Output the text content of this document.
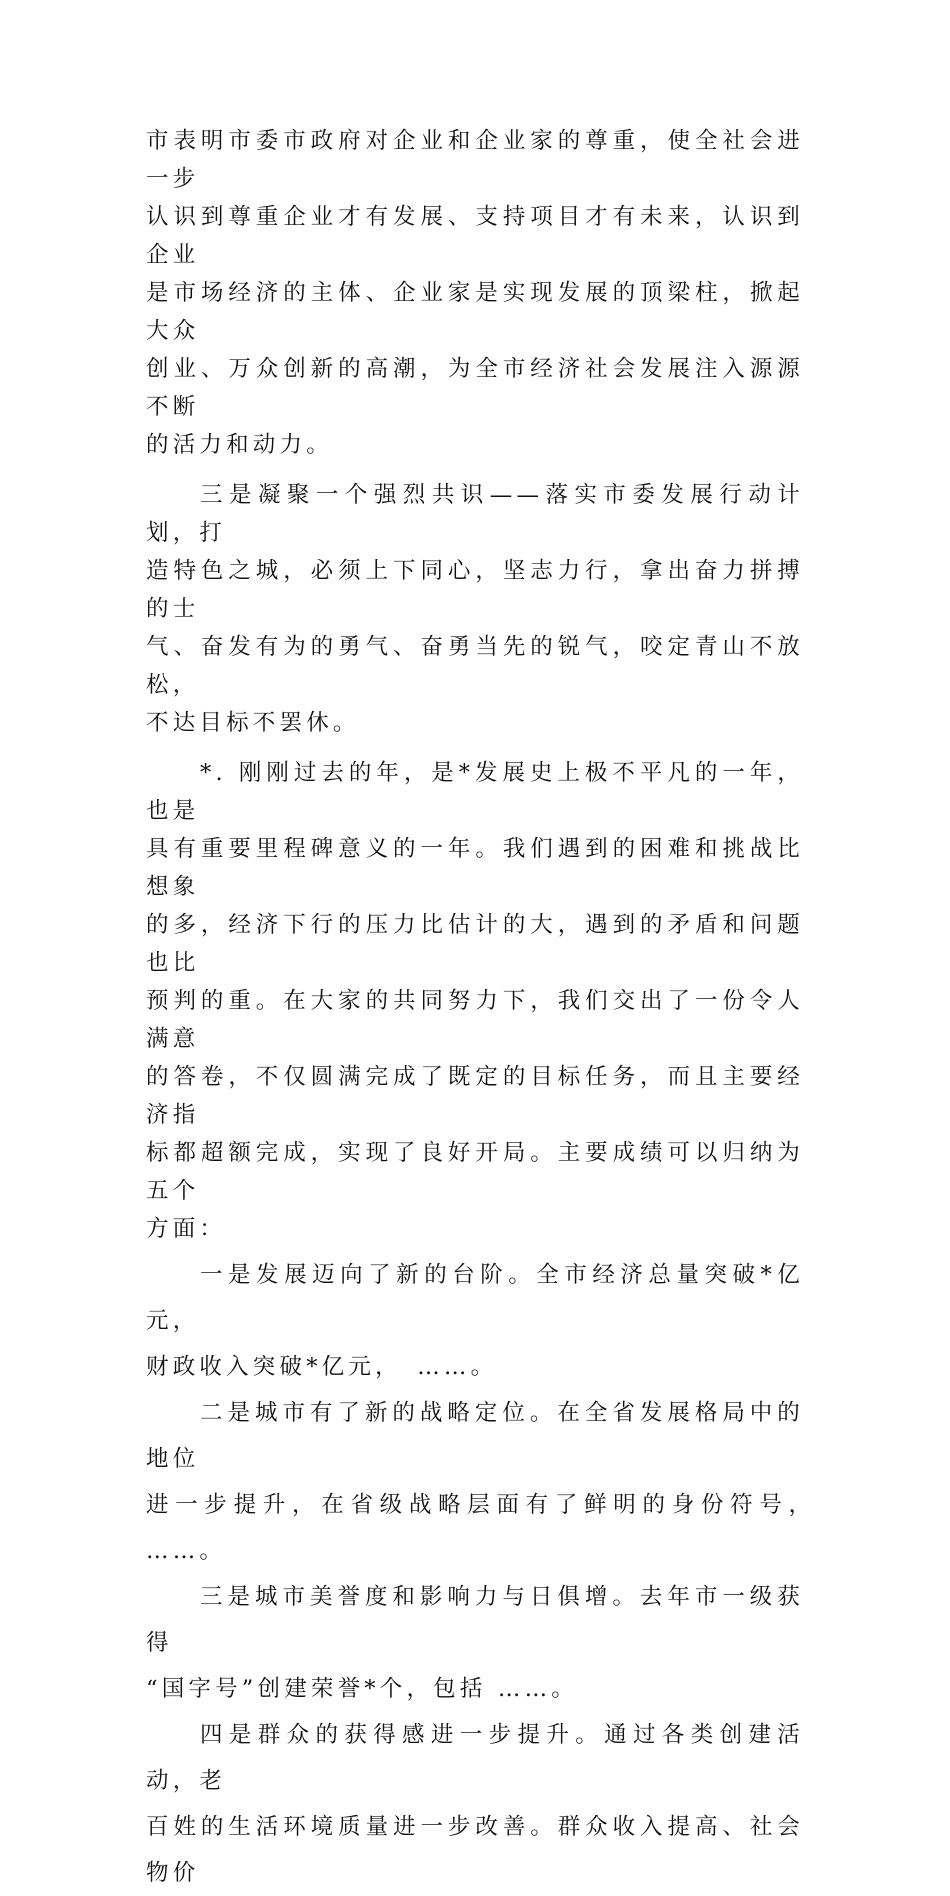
市表明市委市政府对企业和企业家的尊重，使全社会进一步
认识到尊重企业才有发展、支持项目才有未来，认识到企业
是市场经济的主体、企业家是实现发展的顶梁柱，掀起大众
创业、万众创新的高潮，为全市经济社会发展注入源源不断
的活力和动力。

三是凝聚一个强烈共识——落实市委发展行动计划，打
造特色之城，必须上下同心，坚志力行，拿出奋力拼搏的士
气、奋发有为的勇气、奋勇当先的锐气，咬定青山不放松，
不达目标不罢休。

*. 刚刚过去的年，是*发展史上极不平凡的一年，也是
具有重要里程碑意义的一年。我们遇到的困难和挑战比想象
的多，经济下行的压力比估计的大，遇到的矛盾和问题也比
预判的重。在大家的共同努力下，我们交出了一份令人满意
的答卷，不仅圆满完成了既定的目标任务，而且主要经济指
标都超额完成，实现了良好开局。主要成绩可以归纳为五个
方面：

一是发展迈向了新的台阶。全市经济总量突破*亿元，
财政收入突破*亿元，　……。

二是城市有了新的战略定位。在全省发展格局中的地位
进一步提升，在省级战略层面有了鲜明的身份符号，　……。

三是城市美誉度和影响力与日俱增。去年市一级获得
“国字号”创建荣誉*个，包括 ……。

四是群众的获得感进一步提升。通过各类创建活动，老
百姓的生活环境质量进一步改善。群众收入提高、社会物价
